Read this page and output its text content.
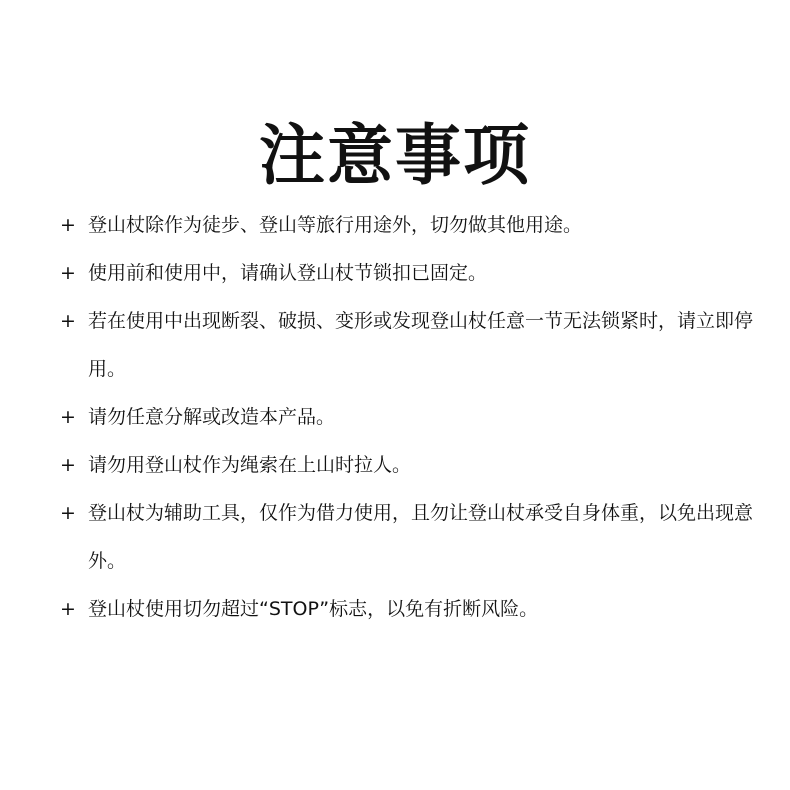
注意事项
+ 登山杖除作为徒步、登山等旅行用途外，切勿做其他用途。
+ 使用前和使用中，请确认登山杖节锁扣已固定。
+ 若在使用中出现断裂、破损、变形或发现登山杖任意一节无法锁紧时，请立即停用。
+ 请勿任意分解或改造本产品。
+ 请勿用登山杖作为绳索在上山时拉人。
+ 登山杖为辅助工具，仅作为借力使用，且勿让登山杖承受自身体重，以免出现意外。
+ 登山杖使用切勿超过“STOP”标志，以免有折断风险。
